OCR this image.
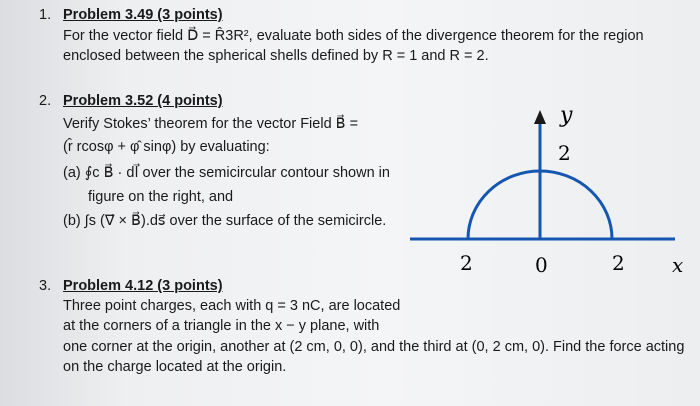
1. Problem 3.49 (3 points)
For the vector field D⃗ = R̂3R², evaluate both sides of the divergence theorem for the region
enclosed between the spherical shells defined by R = 1 and R = 2.
2. Problem 3.52 (4 points)
Verify Stokes’ theorem for the vector Field B⃗ =
(r̂ rcosφ + φ̂ sinφ) by evaluating:
(a) ∮c B⃗ · dl⃗ over the semicircular contour shown in
figure on the right, and
(b) ∫s (∇⃗ × B⃗).ds⃗ over the surface of the semicircle.
y
2
2	0	2 x
3. Problem 4.12 (3 points)
Three point charges, each with q = 3 nC, are located
at the corners of a triangle in the x − y plane, with
one corner at the origin, another at (2 cm, 0, 0), and the third at (0, 2 cm, 0). Find the force acting
on the charge located at the origin.
